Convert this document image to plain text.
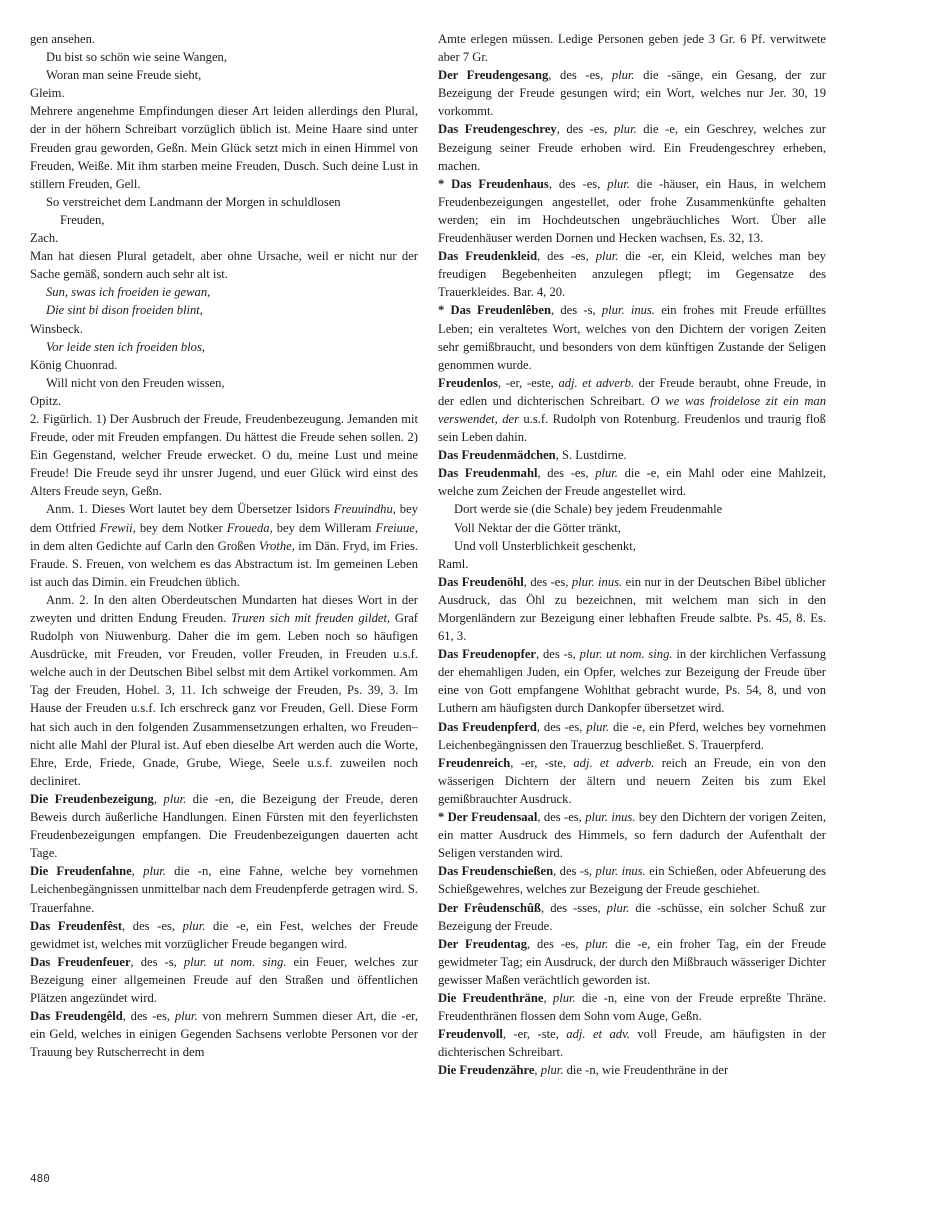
gen ansehen.

Du bist so schön wie seine Wangen,

Woran man seine Freude sieht,

Gleim.

Mehrere angenehme Empfindungen dieser Art leiden allerdings den Plural, der in der höhern Schreibart vorzüglich üblich ist. Meine Haare sind unter Freuden grau geworden, Geßn. Mein Glück setzt mich in einen Himmel von Freuden, Weiße. Mit ihm starben meine Freuden, Dusch. Such deine Lust in stillern Freuden, Gell.

So verstreichet dem Landmann der Morgen in schuldlosen

Freuden,

Zach.

Man hat diesen Plural getadelt, aber ohne Ursache, weil er nicht nur der Sache gemäß, sondern auch sehr alt ist.

Sun, swas ich froeiden ie gewan,

Die sint bi dison froeiden blint,

Winsbeck.

Vor leide sten ich froeiden blos,

König Chuonrad.

Will nicht von den Freuden wissen,

Opitz.

2. Figürlich. 1) Der Ausbruch der Freude, Freudenbezeugung. Jemanden mit Freude, oder mit Freuden empfangen. Du hättest die Freude sehen sollen. 2) Ein Gegenstand, welcher Freude erwecket. O du, meine Lust und meine Freude! Die Freude seyd ihr unsrer Jugend, und euer Glück wird einst des Alters Freude seyn, Geßn.

Anm. 1. Dieses Wort lautet bey dem Übersetzer Isidors Freuuindhu, bey dem Ottfried Frewii, bey dem Notker Froueda, bey dem Willeram Freiuue, in dem alten Gedichte auf Carln den Großen Vrothe, im Dän. Fryd, im Fries. Fraude. S. Freuen, von welchem es das Abstractum ist. Im gemeinen Leben ist auch das Dimin. ein Freudchen üblich.

Anm. 2. In den alten Oberdeutschen Mundarten hat dieses Wort in der zweyten und dritten Endung Freuden. Truren sich mit freuden gildet, Graf Rudolph von Niuwenburg. Daher die im gem. Leben noch so häufigen Ausdrücke, mit Freuden, vor Freuden, voller Freuden, in Freuden u.s.f. welche auch in der Deutschen Bibel selbst mit dem Artikel vorkommen. Am Tag der Freuden, Hohel. 3, 11. Ich schweige der Freuden, Ps. 39, 3. Im Hause der Freuden u.s.f. Ich erschreck ganz vor Freuden, Gell. Diese Form hat sich auch in den folgenden Zusammensetzungen erhalten, wo Freuden– nicht alle Mahl der Plural ist. Auf eben dieselbe Art werden auch die Worte, Ehre, Erde, Friede, Gnade, Grube, Wiege, Seele u.s.f. zuweilen noch decliniret.

Die Freudenbezeigung, plur. die -en, die Bezeigung der Freude, deren Beweis durch äußerliche Handlungen. Einen Fürsten mit den feyerlichsten Freudenbezeigungen empfangen. Die Freudenbezeigungen dauerten acht Tage.

Die Freudenfahne, plur. die -n, eine Fahne, welche bey vornehmen Leichenbegängnissen unmittelbar nach dem Freudenpferde getragen wird. S. Trauerfahne.

Das Freudenfêst, des -es, plur. die -e, ein Fest, welches der Freude gewidmet ist, welches mit vorzüglicher Freude begangen wird.

Das Freudenfeuer, des -s, plur. ut nom. sing. ein Feuer, welches zur Bezeigung einer allgemeinen Freude auf den Straßen und öffentlichen Plätzen angezündet wird.

Das Freudengêld, des -es, plur. von mehrern Summen dieser Art, die -er, ein Geld, welches in einigen Gegenden Sachsens verlobte Personen vor der Trauung bey Rutscherrecht in dem

Amte erlegen müssen. Ledige Personen geben jede 3 Gr. 6 Pf. verwitwete aber 7 Gr.

Der Freudengesang, des -es, plur. die -sänge, ein Gesang, der zur Bezeigung der Freude gesungen wird; ein Wort, welches nur Jer. 30, 19 vorkommt.

Das Freudengeschrey, des -es, plur. die -e, ein Geschrey, welches zur Bezeigung seiner Freude erhoben wird. Ein Freudengeschrey erheben, machen.

* Das Freudenhaus, des -es, plur. die -häuser, ein Haus, in welchem Freudenbezeigungen angestellet, oder frohe Zusammenkünfte gehalten werden; ein im Hochdeutschen ungebräuchliches Wort. Über alle Freudenhäuser werden Dornen und Hecken wachsen, Es. 32, 13.

Das Freudenkleid, des -es, plur. die -er, ein Kleid, welches man bey freudigen Begebenheiten anzulegen pflegt; im Gegensatze des Trauerkleides. Bar. 4, 20.

* Das Freudenlêben, des -s, plur. inus. ein frohes mit Freude erfülltes Leben; ein veraltetes Wort, welches von den Dichtern der vorigen Zeiten sehr gemißbraucht, und besonders von dem künftigen Zustande der Seligen genommen wurde.

Freudenlos, -er, -este, adj. et adverb. der Freude beraubt, ohne Freude, in der edlen und dichterischen Schreibart. O we was froidelose zit ein man verswendet, der u.s.f. Rudolph von Rotenburg. Freudenlos und traurig floß sein Leben dahin.

Das Freudenmädchen, S. Lustdirne.

Das Freudenmahl, des -es, plur. die -e, ein Mahl oder eine Mahlzeit, welche zum Zeichen der Freude angestellet wird.

Dort werde sie (die Schale) bey jedem Freudenmahle

Voll Nektar der die Götter tränkt,

Und voll Unsterblichkeit geschenkt,

Raml.

Das Freudenöhl, des -es, plur. inus. ein nur in der Deutschen Bibel üblicher Ausdruck, das Öhl zu bezeichnen, mit welchem man sich in den Morgenländern zur Bezeigung einer lebhaften Freude salbte. Ps. 45, 8. Es. 61, 3.

Das Freudenopfer, des -s, plur. ut nom. sing. in der kirchlichen Verfassung der ehemahligen Juden, ein Opfer, welches zur Bezeigung der Freude über eine von Gott empfangene Wohlthat gebracht wurde, Ps. 54, 8, und von Luthern am häufigsten durch Dankopfer übersetzet wird.

Das Freudenpferd, des -es, plur. die -e, ein Pferd, welches bey vornehmen Leichenbegängnissen den Trauerzug beschließet. S. Trauerpferd.

Freudenreich, -er, -ste, adj. et adverb. reich an Freude, ein von den wässerigen Dichtern der ältern und neuern Zeiten bis zum Ekel gemißbrauchter Ausdruck.

* Der Freudensaal, des -es, plur. inus. bey den Dichtern der vorigen Zeiten, ein matter Ausdruck des Himmels, so fern dadurch der Aufenthalt der Seligen verstanden wird.

Das Freudenschießen, des -s, plur. inus. ein Schießen, oder Abfeuerung des Schießgewehres, welches zur Bezeigung der Freude geschiehet.

Der Frêudenschûß, des -sses, plur. die -schüsse, ein solcher Schuß zur Bezeigung der Freude.

Der Freudentag, des -es, plur. die -e, ein froher Tag, ein der Freude gewidmeter Tag; ein Ausdruck, der durch den Mißbrauch wässeriger Dichter gewisser Maßen verächtlich geworden ist.

Die Freudenthräne, plur. die -n, eine von der Freude erpreßte Thräne. Freudenthränen flossen dem Sohn vom Auge, Geßn.

Freudenvoll, -er, -ste, adj. et adv. voll Freude, am häufigsten in der dichterischen Schreibart.

Die Freudenzähre, plur. die -n, wie Freudenthräne in der

480
